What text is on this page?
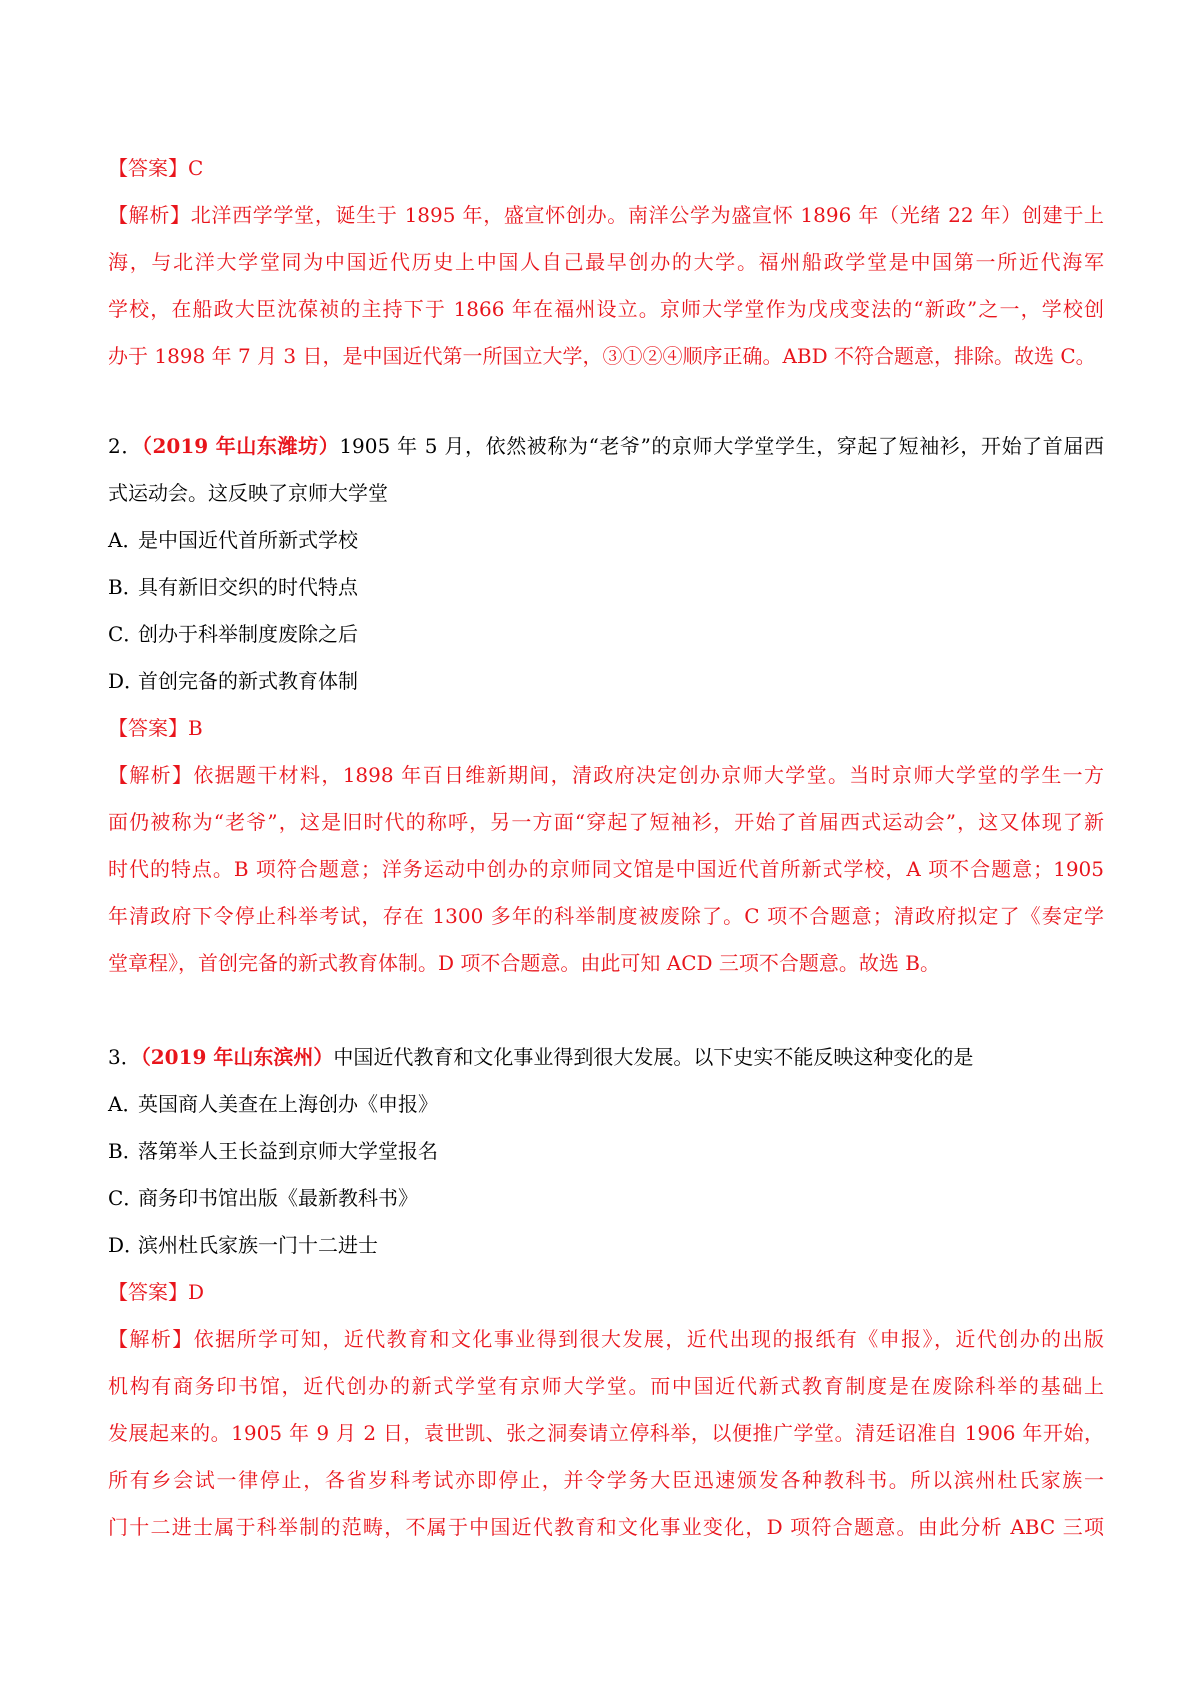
【答案】C
【解析】北洋西学学堂，诞生于 1895 年，盛宣怀创办。南洋公学为盛宣怀 1896 年（光绪 22 年）创建于上
海，与北洋大学堂同为中国近代历史上中国人自己最早创办的大学。福州船政学堂是中国第一所近代海军
学校，在船政大臣沈葆祯的主持下于 1866 年在福州设立。京师大学堂作为戊戌变法的“新政”之一，学校创
办于 1898 年 7 月 3 日，是中国近代第一所国立大学，③①②④顺序正确。ABD 不符合题意，排除。故选 C。
2．（2019 年山东潍坊）1905 年 5 月，依然被称为“老爷”的京师大学堂学生，穿起了短袖衫，开始了首届西
式运动会。这反映了京师大学堂
A．是中国近代首所新式学校
B．具有新旧交织的时代特点
C．创办于科举制度废除之后
D．首创完备的新式教育体制
【答案】B
【解析】依据题干材料，1898 年百日维新期间，清政府决定创办京师大学堂。当时京师大学堂的学生一方
面仍被称为“老爷”，这是旧时代的称呼，另一方面“穿起了短袖衫，开始了首届西式运动会”，这又体现了新
时代的特点。B 项符合题意；洋务运动中创办的京师同文馆是中国近代首所新式学校，A 项不合题意；1905
年清政府下令停止科举考试，存在 1300 多年的科举制度被废除了。C 项不合题意；清政府拟定了《奏定学
堂章程》，首创完备的新式教育体制。D 项不合题意。由此可知 ACD 三项不合题意。故选 B。
3．（2019 年山东滨州）中国近代教育和文化事业得到很大发展。以下史实不能反映这种变化的是
A．英国商人美查在上海创办《申报》
B．落第举人王长益到京师大学堂报名
C．商务印书馆出版《最新教科书》
D．滨州杜氏家族一门十二进士
【答案】D
【解析】依据所学可知，近代教育和文化事业得到很大发展，近代出现的报纸有《申报》，近代创办的出版
机构有商务印书馆，近代创办的新式学堂有京师大学堂。而中国近代新式教育制度是在废除科举的基础上
发展起来的。1905 年 9 月 2 日，袁世凯、张之洞奏请立停科举，以便推广学堂。清廷诏准自 1906 年开始，
所有乡会试一律停止，各省岁科考试亦即停止，并令学务大臣迅速颁发各种教科书。所以滨州杜氏家族一
门十二进士属于科举制的范畴，不属于中国近代教育和文化事业变化，D 项符合题意。由此分析 ABC 三项
